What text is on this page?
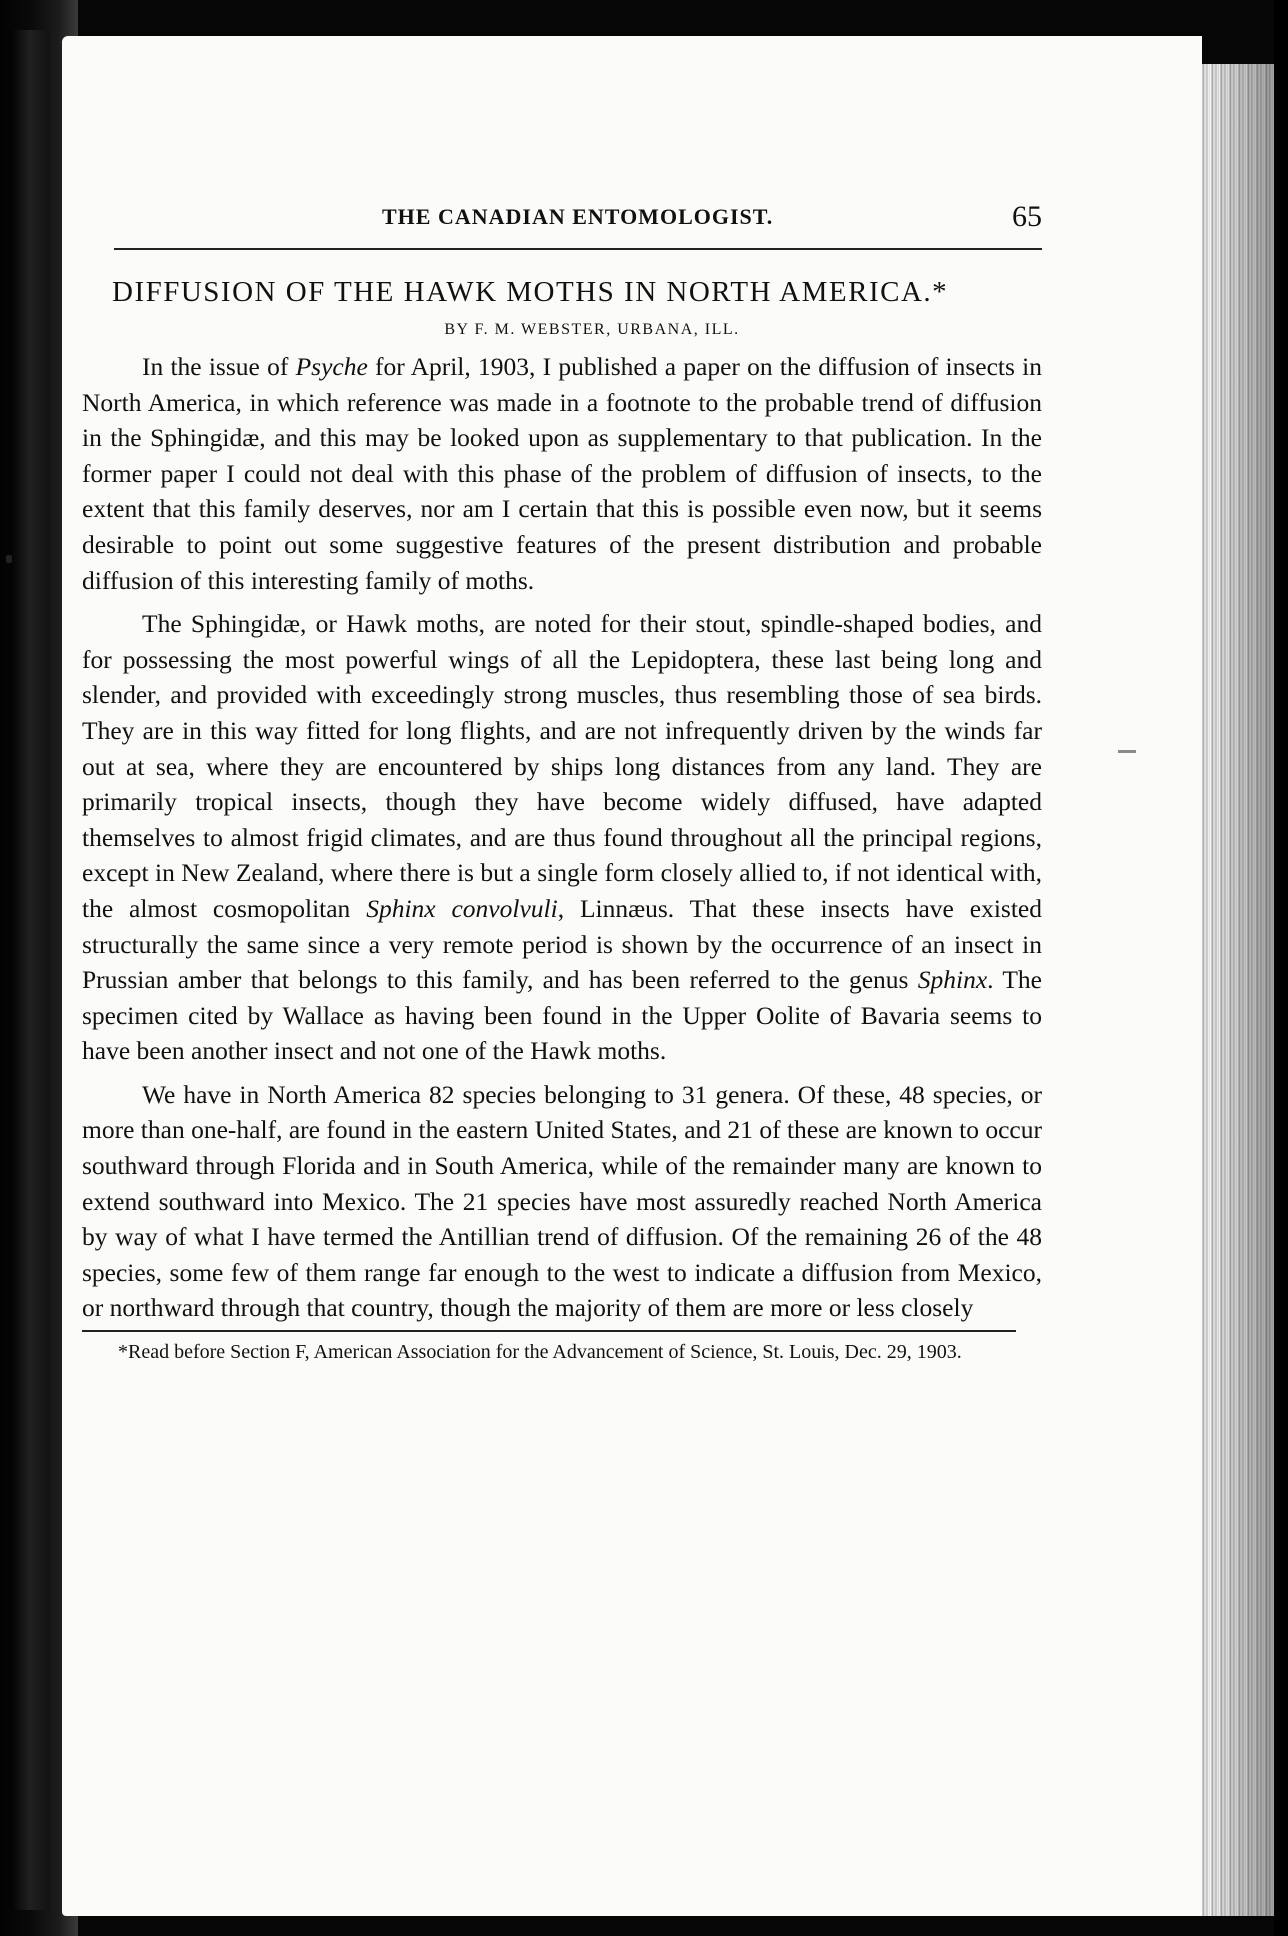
THE CANADIAN ENTOMOLOGIST.	65
DIFFUSION OF THE HAWK MOTHS IN NORTH AMERICA.*
BY F. M. WEBSTER, URBANA, ILL.

In the issue of Psyche for April, 1903, I published a paper on the diffusion of insects in North America, in which reference was made in a footnote to the probable trend of diffusion in the Sphingidæ, and this may be looked upon as supplementary to that publication. In the former paper I could not deal with this phase of the problem of diffusion of insects, to the extent that this family deserves, nor am I certain that this is possible even now, but it seems desirable to point out some suggestive features of the present distribution and probable diffusion of this interesting family of moths.

The Sphingidæ, or Hawk moths, are noted for their stout, spindle-shaped bodies, and for possessing the most powerful wings of all the Lepidoptera, these last being long and slender, and provided with exceedingly strong muscles, thus resembling those of sea birds. They are in this way fitted for long flights, and are not infrequently driven by the winds far out at sea, where they are encountered by ships long distances from any land. They are primarily tropical insects, though they have become widely diffused, have adapted themselves to almost frigid climates, and are thus found throughout all the principal regions, except in New Zealand, where there is but a single form closely allied to, if not identical with, the almost cosmopolitan Sphinx convolvuli, Linnæus. That these insects have existed structurally the same since a very remote period is shown by the occurrence of an insect in Prussian amber that belongs to this family, and has been referred to the genus Sphinx. The specimen cited by Wallace as having been found in the Upper Oolite of Bavaria seems to have been another insect and not one of the Hawk moths.

We have in North America 82 species belonging to 31 genera. Of these, 48 species, or more than one-half, are found in the eastern United States, and 21 of these are known to occur southward through Florida and in South America, while of the remainder many are known to extend southward into Mexico. The 21 species have most assuredly reached North America by way of what I have termed the Antillian trend of diffusion. Of the remaining 26 of the 48 species, some few of them range far enough to the west to indicate a diffusion from Mexico, or northward through that country, though the majority of them are more or less closely

*Read before Section F, American Association for the Advancement of Science, St. Louis, Dec. 29, 1903.
